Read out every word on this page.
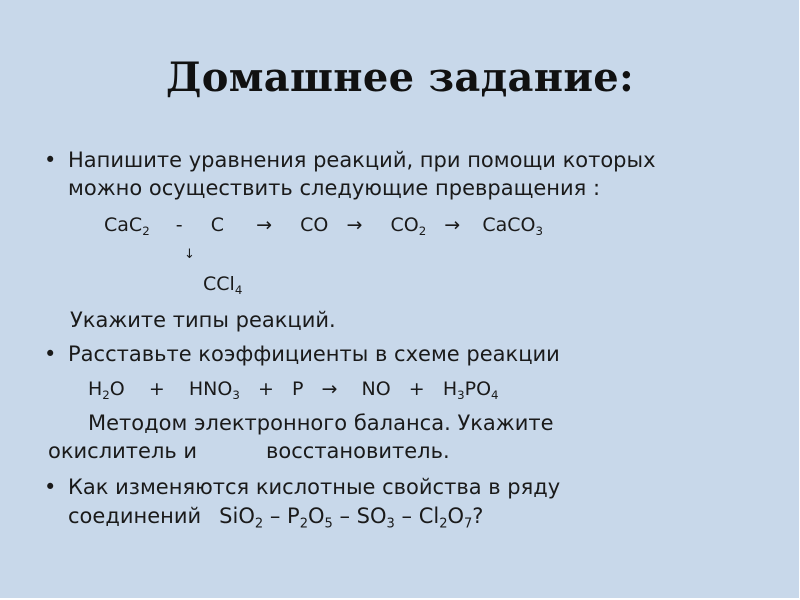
Домашнее задание:
• Напишите уравнения реакций, при помощи которых
можно осуществить следующие превращения :
CaC$_2$ - C → CO → $CO_2$ → CaCO$_3$
↓
CCl$_4$
Укажите типы реакций.
• Расставьте коэффициенты в схеме реакции
$H_2O + HNO_3 + P$ → NO + $H_3PO_4$
Методом электронного баланса. Укажите
окислитель и	восстановитель.
• Как изменяются кислотные свойства в ряду
соединений $SiO_2 - P_2O_5 - SO_3 - Cl_2O_7$?
